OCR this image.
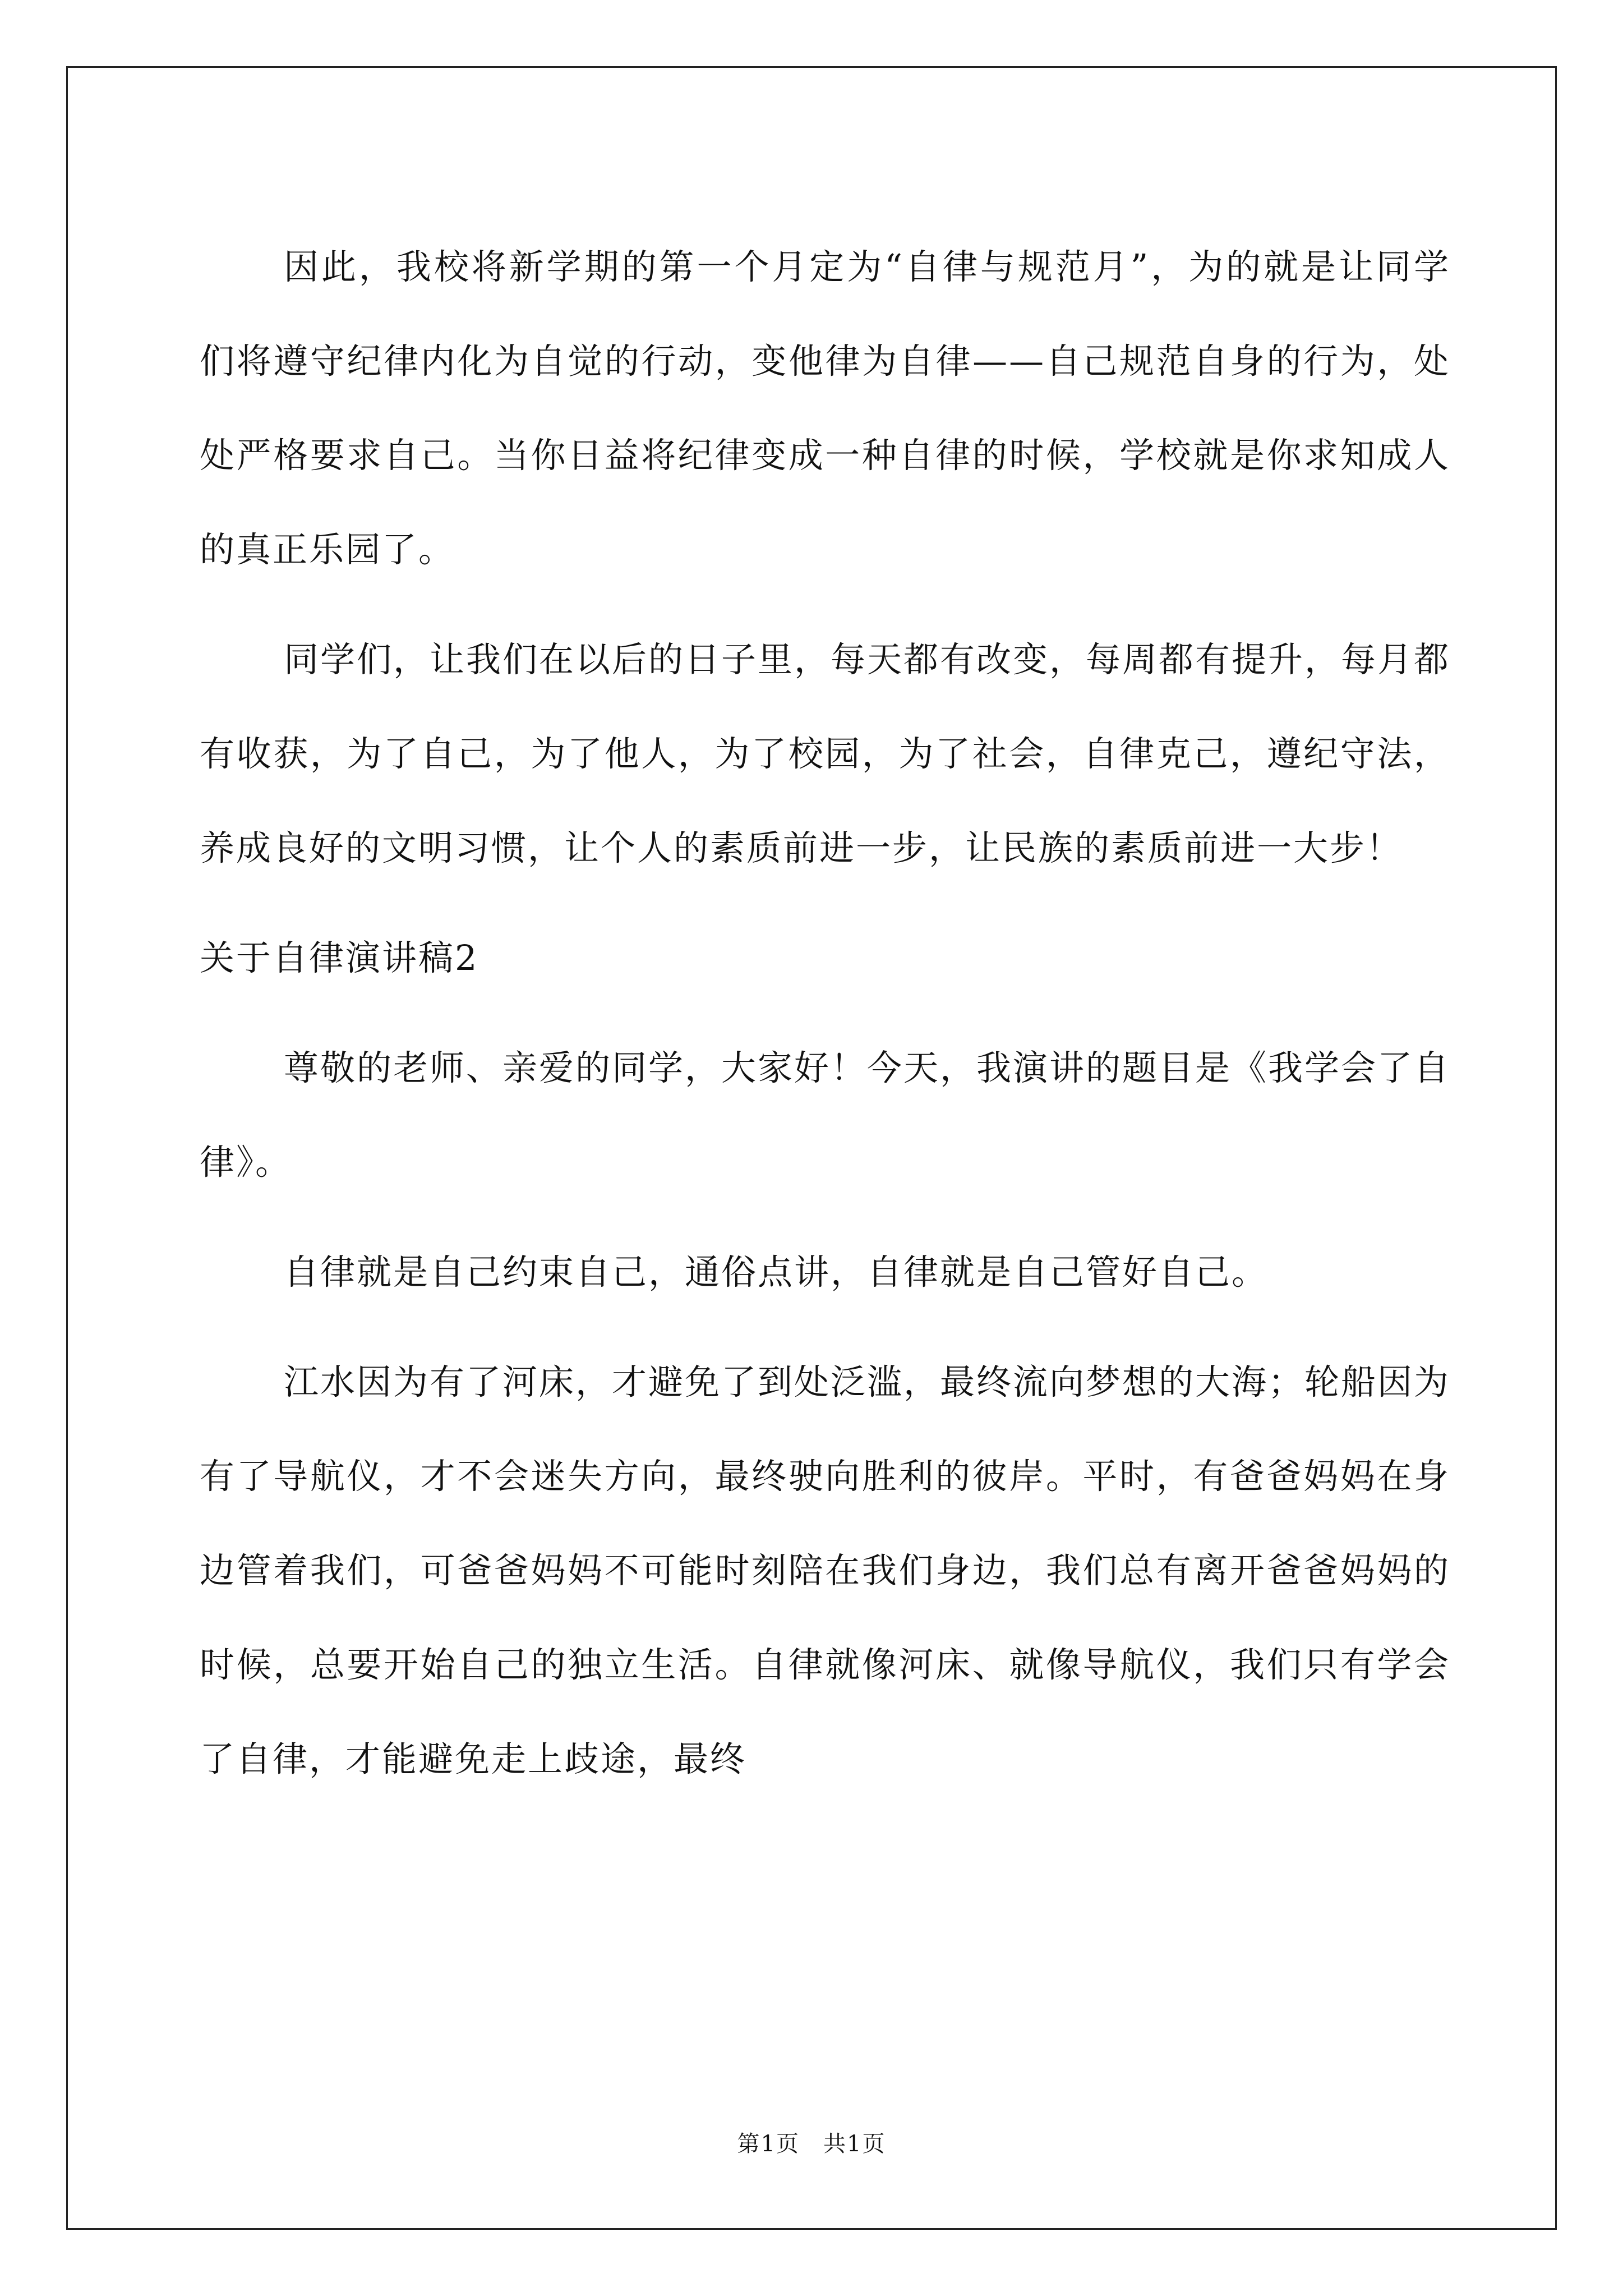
因此，我校将新学期的第一个月定为“自律与规范月”，为的就是让同学们将遵守纪律内化为自觉的行动，变他律为自律——自己规范自身的行为，处处严格要求自己。当你日益将纪律变成一种自律的时候，学校就是你求知成人的真正乐园了。

同学们，让我们在以后的日子里，每天都有改变，每周都有提升，每月都有收获，为了自己，为了他人，为了校园，为了社会，自律克己，遵纪守法，养成良好的文明习惯，让个人的素质前进一步，让民族的素质前进一大步！

关于自律演讲稿2

尊敬的老师、亲爱的同学，大家好！今天，我演讲的题目是《我学会了自律》。

自律就是自己约束自己，通俗点讲，自律就是自己管好自己。

江水因为有了河床，才避免了到处泛滥，最终流向梦想的大海；轮船因为有了导航仪，才不会迷失方向，最终驶向胜利的彼岸。平时，有爸爸妈妈在身边管着我们，可爸爸妈妈不可能时刻陪在我们身边，我们总有离开爸爸妈妈的时候，总要开始自己的独立生活。自律就像河床、就像导航仪，我们只有学会了自律，才能避免走上歧途，最终

第1页　共1页
